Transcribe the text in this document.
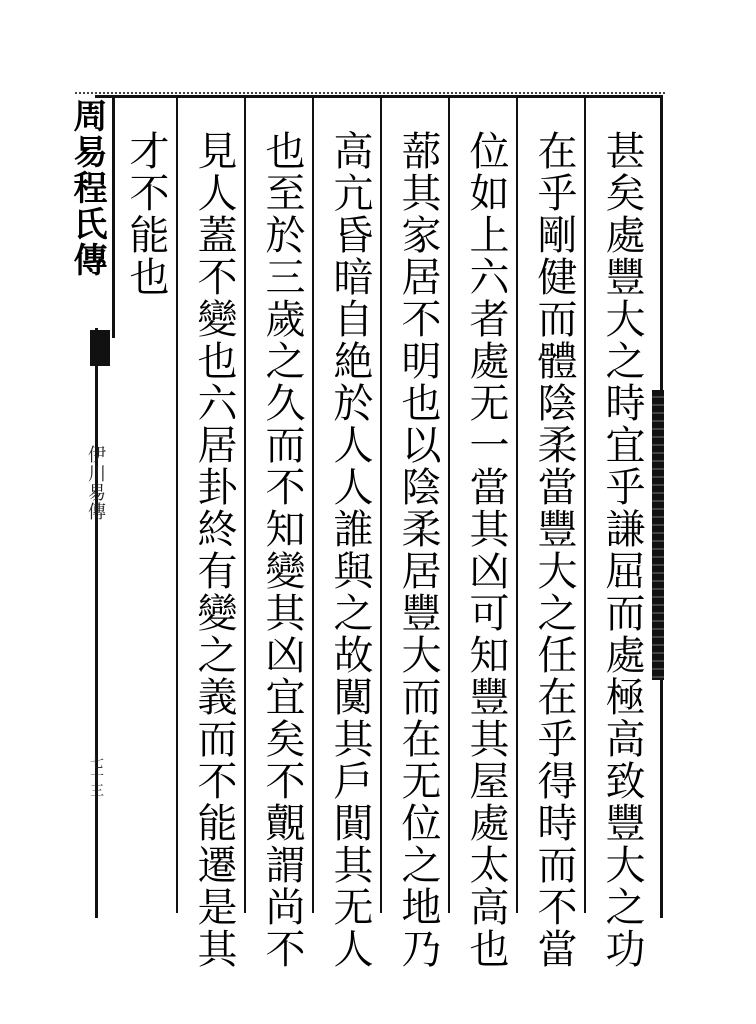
甚矣處豐大之時宜乎謙屈而處極高致豐大之功
在乎剛健而體陰柔當豐大之任在乎得時而不當
位如上六者處无一當其凶可知豐其屋處太高也
蔀其家居不明也以陰柔居豐大而在无位之地乃
高亢昏暗自絶於人人誰與之故闃其戶閴其无人
也至於三歲之久而不知變其凶宜矣不覿謂尚不
見人蓋不變也六居卦終有變之義而不能遷是其
才不能也
周易程氏傳
伊川易傳
七十三
